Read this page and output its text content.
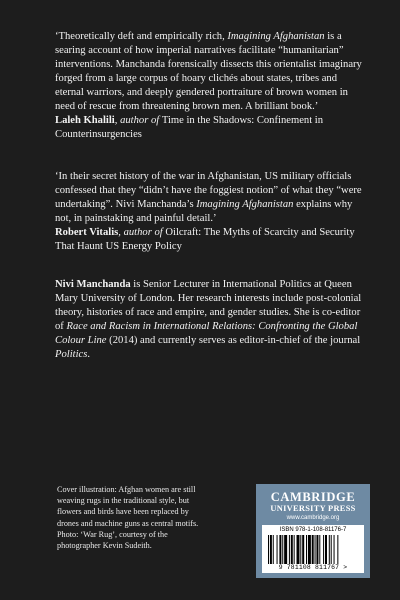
‘Theoretically deft and empirically rich, Imagining Afghanistan is a searing account of how imperial narratives facilitate “humanitarian” interventions. Manchanda forensically dissects this orientalist imaginary forged from a large corpus of hoary clichés about states, tribes and eternal warriors, and deeply gendered portraiture of brown women in need of rescue from threatening brown men. A brilliant book.’

Laleh Khalili, author of Time in the Shadows: Confinement in Counterinsurgencies

‘In their secret history of the war in Afghanistan, US military officials confessed that they “didn’t have the foggiest notion” of what they “were undertaking”. Nivi Manchanda’s Imagining Afghanistan explains why not, in painstaking and painful detail.’

Robert Vitalis, author of Oilcraft: The Myths of Scarcity and Security That Haunt US Energy Policy

Nivi Manchanda is Senior Lecturer in International Politics at Queen Mary University of London. Her research interests include post-colonial theory, histories of race and empire, and gender studies. She is co-editor of Race and Racism in International Relations: Confronting the Global Colour Line (2014) and currently serves as editor-in-chief of the journal Politics.

Cover illustration: Afghan women are still weaving rugs in the traditional style, but flowers and birds have been replaced by drones and machine guns as central motifs. Photo: ‘War Rug’, courtesy of the photographer Kevin Sudeith.
CAMBRIDGE
UNIVERSITY PRESS
www.cambridge.org
ISBN 978-1-108-81176-7
9 781108 811767 >
